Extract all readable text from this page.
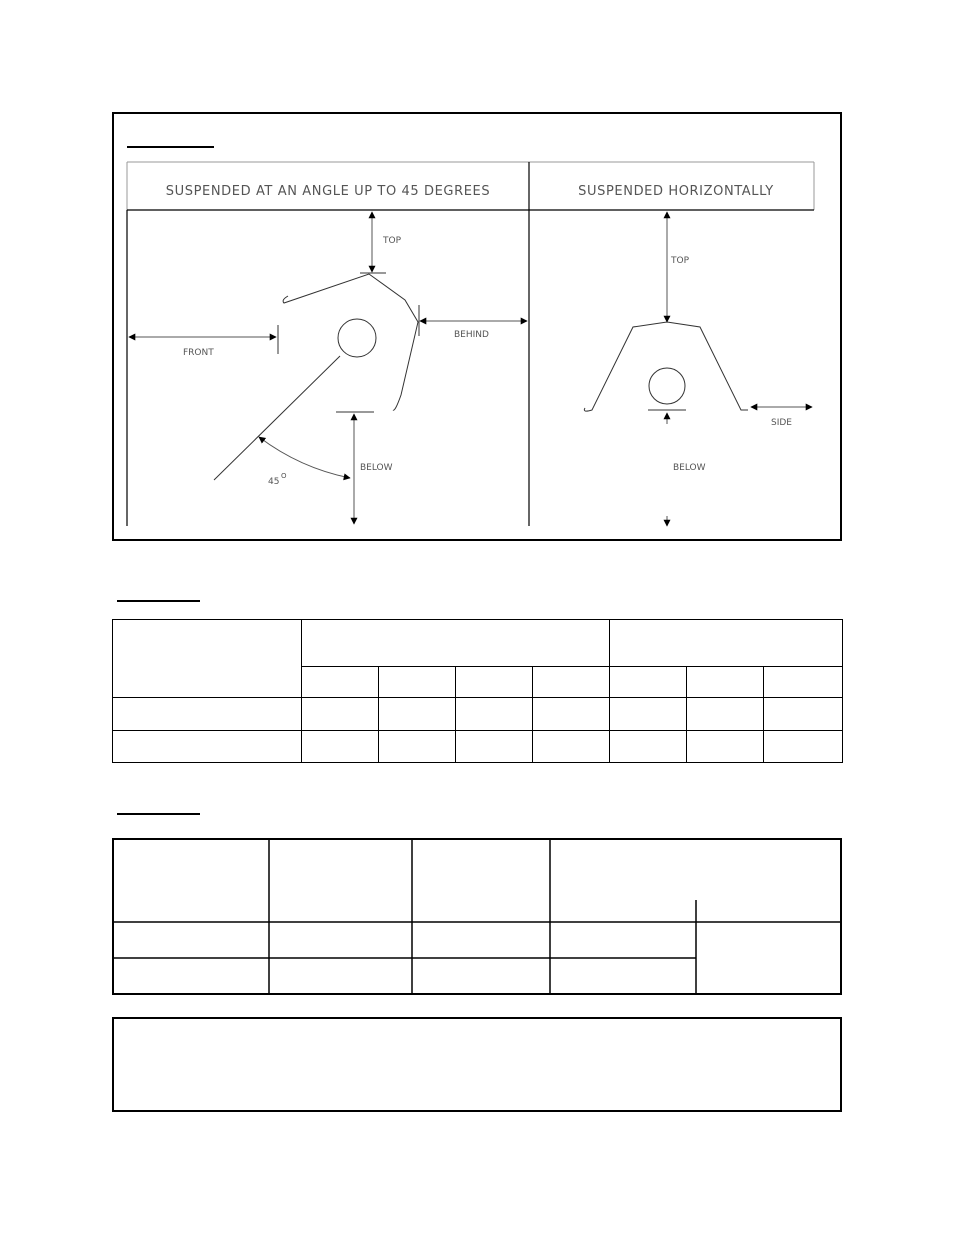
SUSPENDED AT AN ANGLE UP TO 45 DEGREES	SUSPENDED HORIZONTALLY
TOP
FRONT
BEHIND
BELOW
45
O
TOP
BELOW
SIDE
